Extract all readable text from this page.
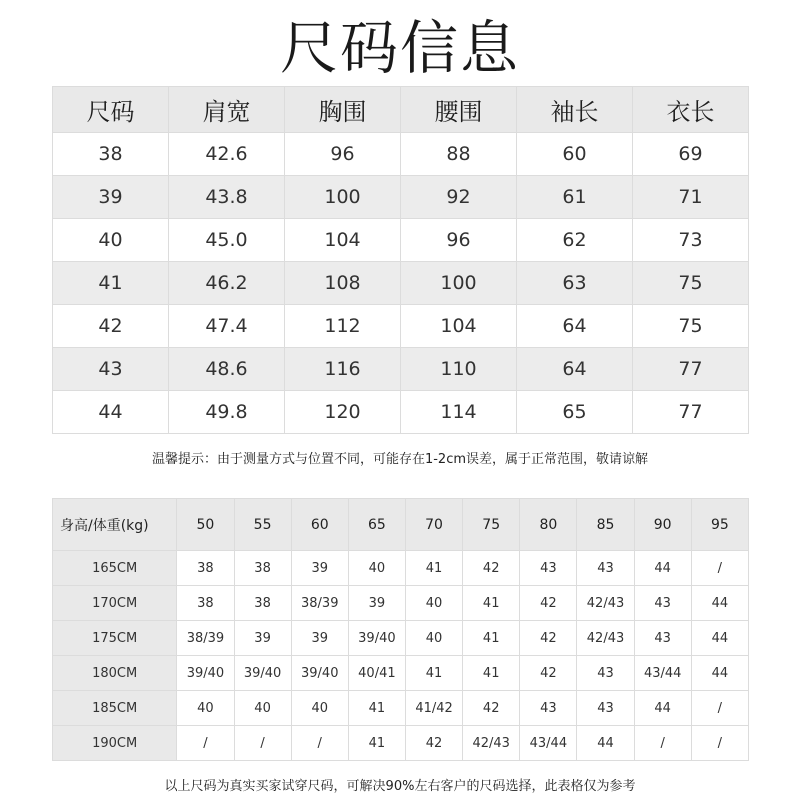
尺码信息
尺码	肩宽	胸围	腰围	袖长	衣长
38	42.6	96	88	60	69
39	43.8	100	92	61	71
40	45.0	104	96	62	73
41	46.2	108	100	63	75
42	47.4	112	104	64	75
43	48.6	116	110	64	77
44	49.8	120	114	65	77
温馨提示：由于测量方式与位置不同，可能存在1-2cm误差，属于正常范围，敬请谅解
身高/体重(kg)	50	55	60	65	70	75	80	85	90	95
165CM	38	38	39	40	41	42	43	43	44	/
170CM	38	38	38/39	39	40	41	42	42/43	43	44
175CM	38/39	39	39	39/40	40	41	42	42/43	43	44
180CM	39/40	39/40	39/40	40/41	41	41	42	43	43/44	44
185CM	40	40	40	41	41/42	42	43	43	44	/
190CM	/	/	/	41	42	42/43	43/44	44	/	/
以上尺码为真实买家试穿尺码，可解决90%左右客户的尺码选择，此表格仅为参考
